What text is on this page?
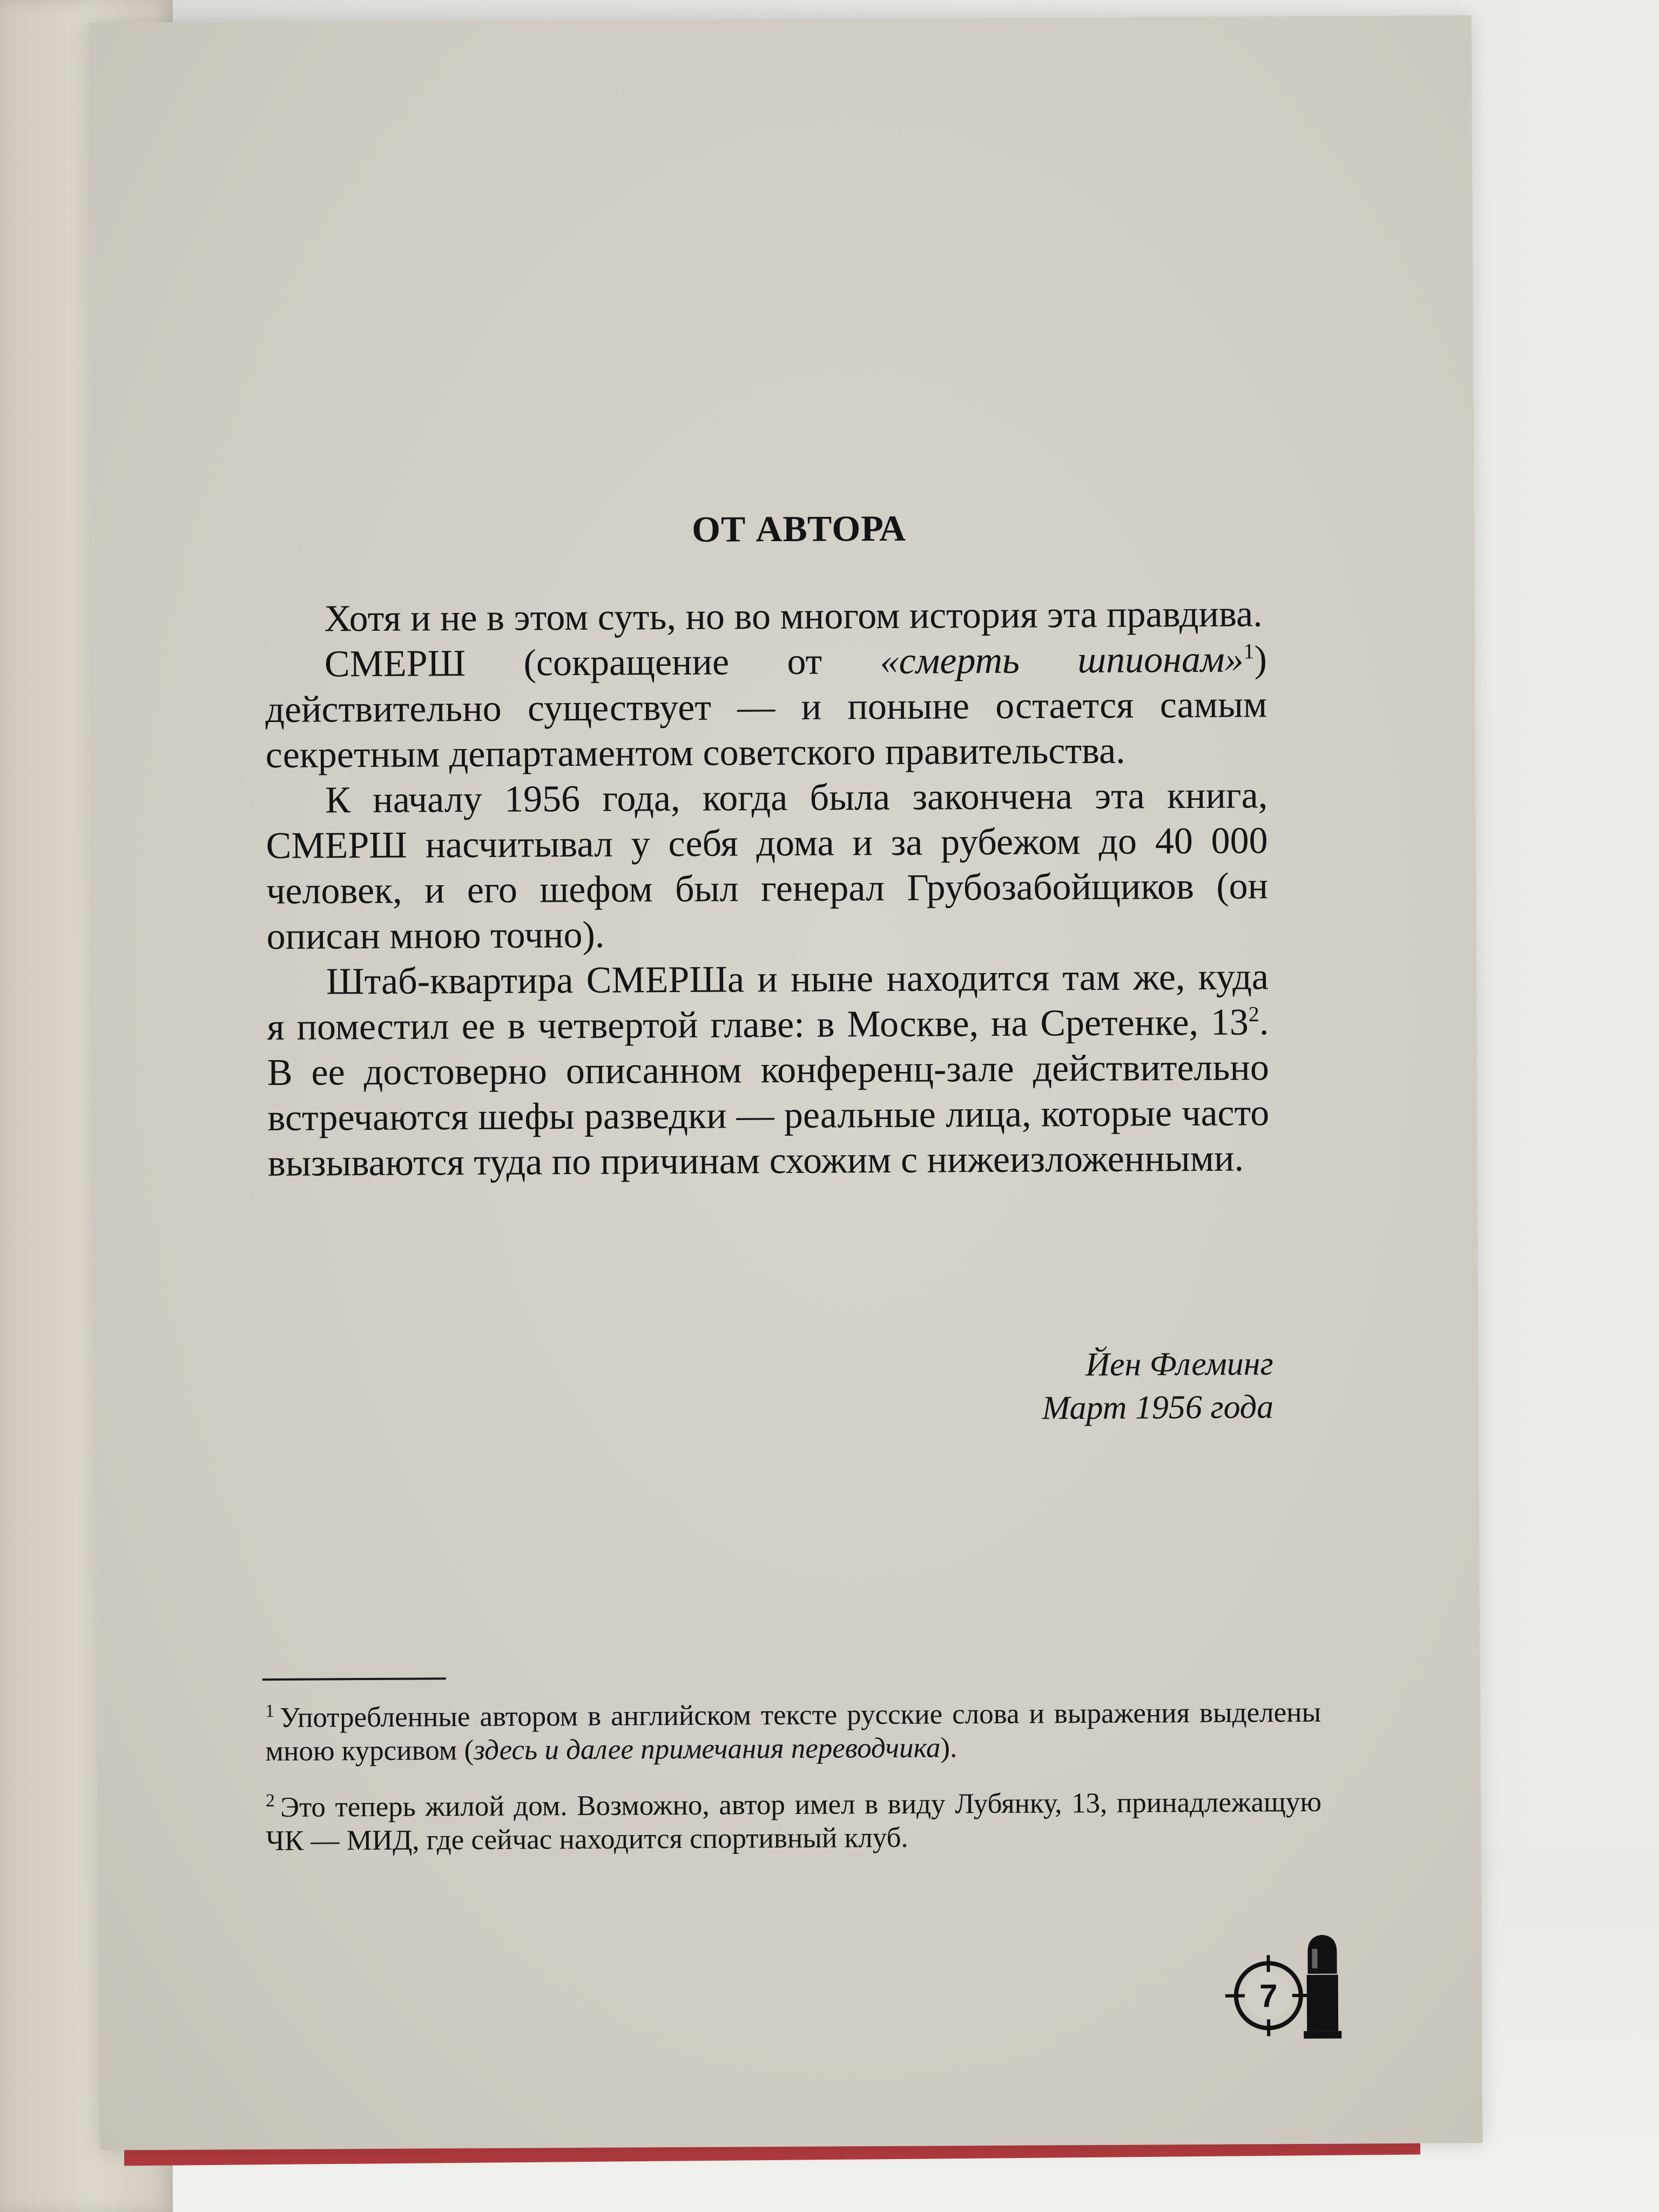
ОТ АВТОРА

Хотя и не в этом суть, но во многом история эта правдива.

СМЕРШ (сокращение от «смерть шпионам»$^1$) действительно существует — и поныне остается самым секретным департаментом советского правительства.

К началу 1956 года, когда была закончена эта книга, СМЕРШ насчитывал у себя дома и за рубежом до 40 000 человек, и его шефом был генерал Грубозабойщиков (он описан мною точно).

Штаб-квартира СМЕРШа и ныне находится там же, куда я поместил ее в четвертой главе: в Москве, на Сретенке, 13$^2$. В ее достоверно описанном конференц-зале действительно встречаются шефы разведки — реальные лица, которые часто вызываются туда по причинам схожим с нижеизложенными.

Йен Флеминг
Март 1956 года

$^1$ Употребленные автором в английском тексте русские слова и выражения выделены мною курсивом (здесь и далее примечания переводчика).

$^2$ Это теперь жилой дом. Возможно, автор имел в виду Лубянку, 13, принадлежащую ЧК — МИД, где сейчас находится спортивный клуб.

7
